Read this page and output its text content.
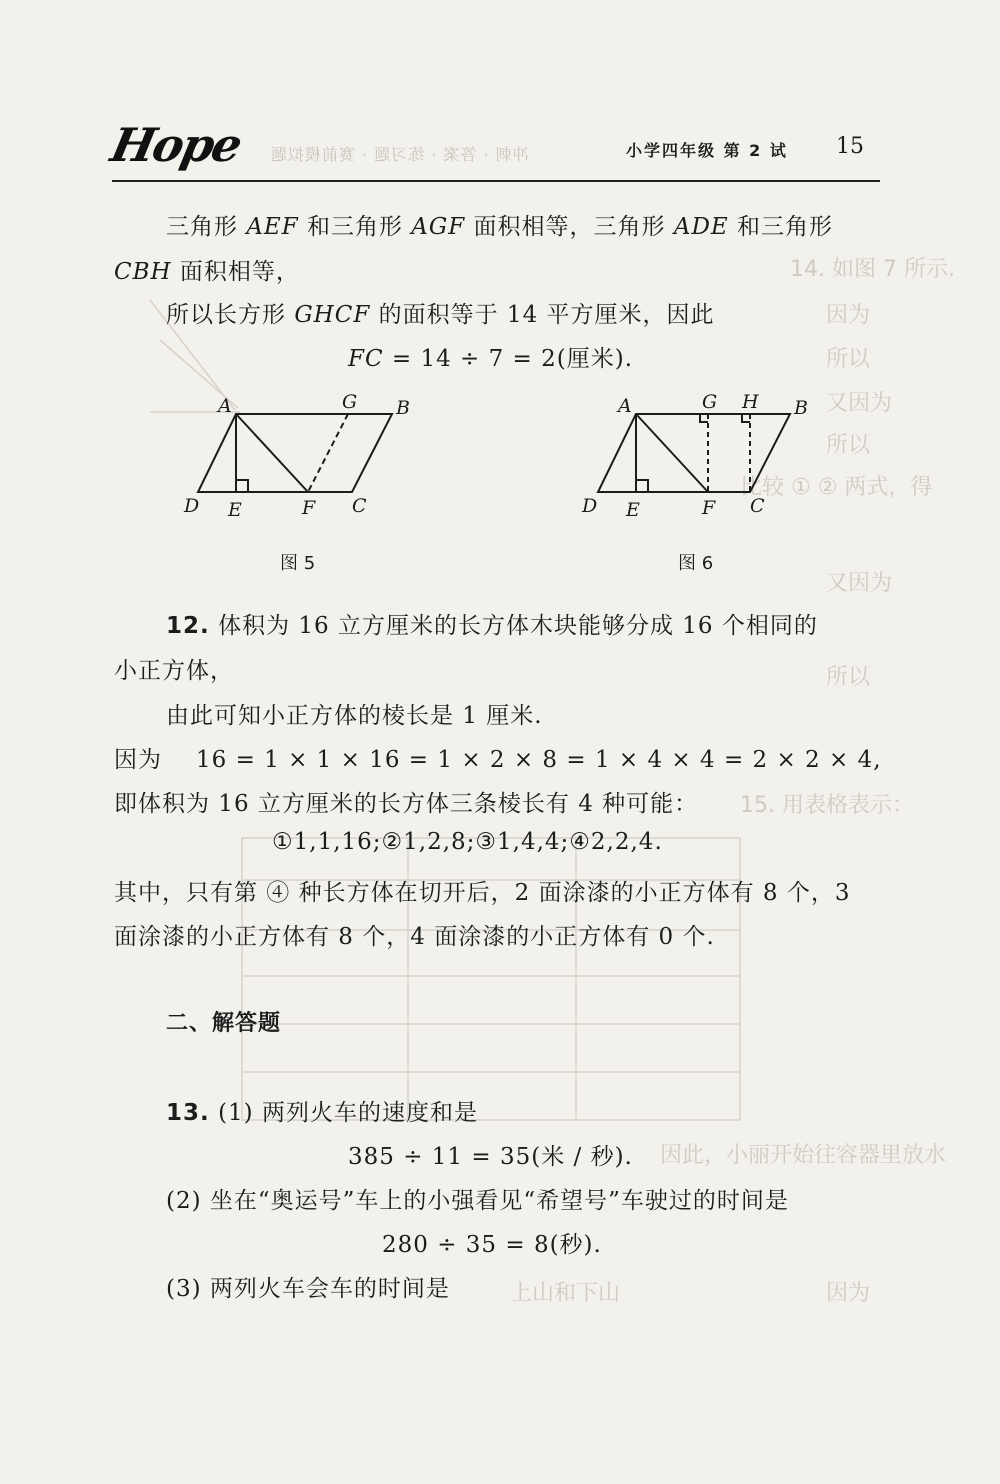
14. 如图 7 所示.
因为
所以
又因为
所以
比较 ① ② 两式，得
又因为
所以
15. 用表格表示：
因此，小丽开始往容器里放水
因为
上山和下山
Hope 冲刺 · 答案 · 练习题 · 赛前模拟题	小学四年级 第 2 试 15
三角形 AEF 和三角形 AGF 面积相等，三角形 ADE 和三角形
CBH 面积相等，
所以长方形 GHCF 的面积等于 14 平方厘米，因此
FC = 14 ÷ 7 = 2(厘米).
A	G B
D E	F C
A	G H B
D E	F C
图 5	图 6
12. 体积为 16 立方厘米的长方体木块能够分成 16 个相同的
小正方体，
由此可知小正方体的棱长是 1 厘米.
因为 16 = 1 × 1 × 16 = 1 × 2 × 8 = 1 × 4 × 4 = 2 × 2 × 4,
即体积为 16 立方厘米的长方体三条棱长有 4 种可能：
①1,1,16;②1,2,8;③1,4,4;④2,2,4.
其中，只有第 ④ 种长方体在切开后，2 面涂漆的小正方体有 8 个，3
面涂漆的小正方体有 8 个，4 面涂漆的小正方体有 0 个.
二、解答题
13. (1) 两列火车的速度和是
385 ÷ 11 = 35(米 / 秒).
(2) 坐在“奥运号”车上的小强看见“希望号”车驶过的时间是
280 ÷ 35 = 8(秒).
(3) 两列火车会车的时间是
